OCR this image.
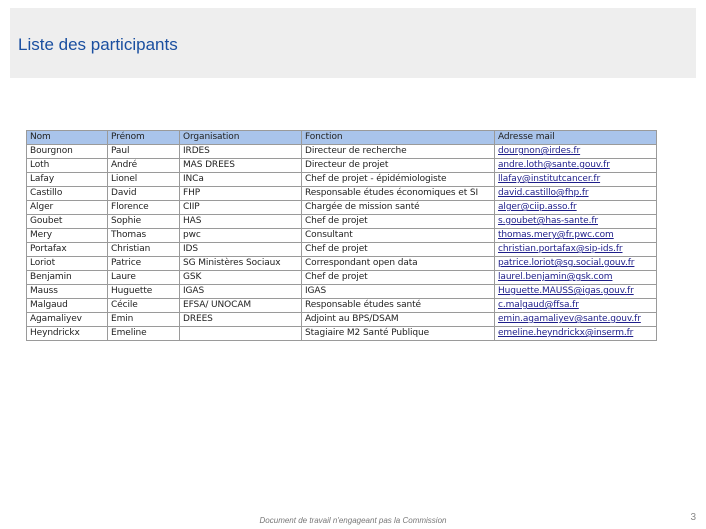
Liste des participants
Nom	Prénom	Organisation	Fonction	Adresse mail
Bourgnon	Paul	IRDES	Directeur de recherche	dourgnon@irdes.fr
Loth	André	MAS DREES	Directeur de projet	andre.loth@sante.gouv.fr
Lafay	Lionel	INCa	Chef de projet - épidémiologiste	llafay@institutcancer.fr
Castillo	David	FHP	Responsable études économiques et SI	david.castillo@fhp.fr
Alger	Florence	CIIP	Chargée de mission santé	alger@ciip.asso.fr
Goubet	Sophie	HAS	Chef de projet	s.goubet@has-sante.fr
Mery	Thomas	pwc	Consultant	thomas.mery@fr.pwc.com
Portafax	Christian	IDS	Chef de projet	christian.portafax@sip-ids.fr
Loriot	Patrice	SG Ministères Sociaux	Correspondant open data	patrice.loriot@sg.social.gouv.fr
Benjamin	Laure	GSK	Chef de projet	laurel.benjamin@gsk.com
Mauss	Huguette	IGAS	IGAS	Huguette.MAUSS@igas.gouv.fr
Malgaud	Cécile	EFSA/ UNOCAM	Responsable études santé	c.malgaud@ffsa.fr
Agamaliyev	Emin	DREES	Adjoint au BPS/DSAM	emin.agamaliyev@sante.gouv.fr
Heyndrickx	Emeline		Stagiaire M2 Santé Publique	emeline.heyndrickx@inserm.fr
Document de travail n'engageant pas la Commission	3
